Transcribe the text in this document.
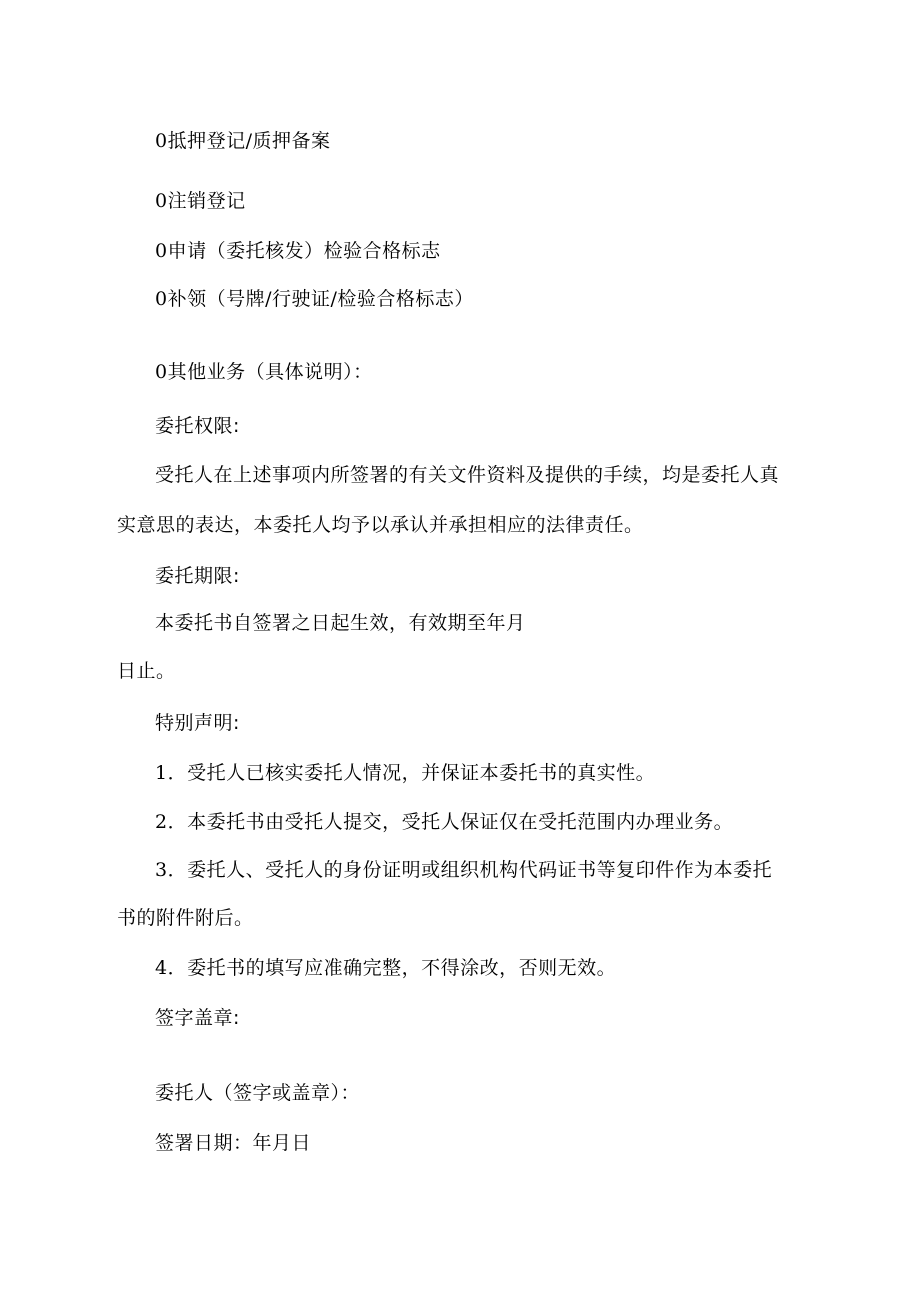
0抵押登记/质押备案
0注销登记
0申请（委托核发）检验合格标志
0补领（号牌/行驶证/检验合格标志）
0其他业务（具体说明）：
委托权限:
受托人在上述事项内所签署的有关文件资料及提供的手续，均是委托人真
实意思的表达，本委托人均予以承认并承担相应的法律责任。
委托期限:
本委托书自签署之日起生效，有效期至年月
日止。
特别声明:
1．受托人已核实委托人情况，并保证本委托书的真实性。
2．本委托书由受托人提交，受托人保证仅在受托范围内办理业务。
3．委托人、受托人的身份证明或组织机构代码证书等复印件作为本委托
书的附件附后。
4．委托书的填写应准确完整，不得涂改，否则无效。
签字盖章:
委托人（签字或盖章）：
签署日期：年月日
